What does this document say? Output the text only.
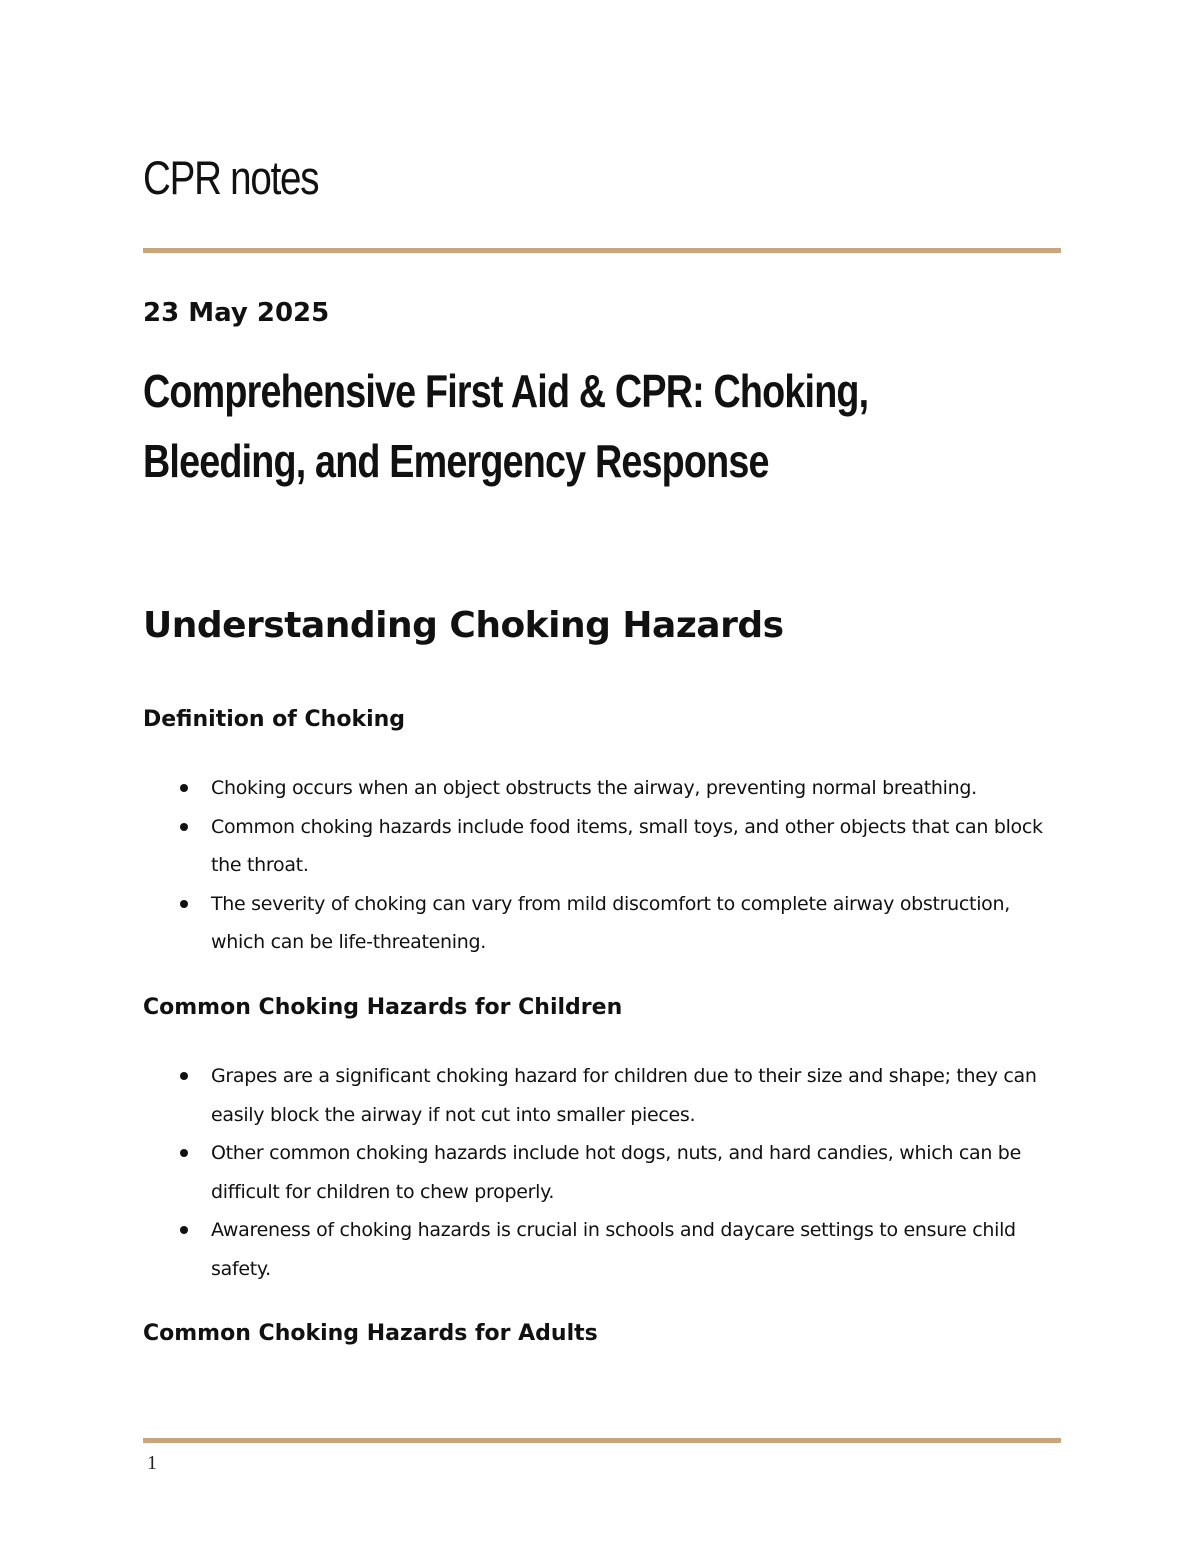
CPR notes

23 May 2025

Comprehensive First Aid & CPR: Choking, Bleeding, and Emergency Response
Understanding Choking Hazards
Definition of Choking
Choking occurs when an object obstructs the airway, preventing normal breathing.
Common choking hazards include food items, small toys, and other objects that can block the throat.
The severity of choking can vary from mild discomfort to complete airway obstruction, which can be life-threatening.
Common Choking Hazards for Children
Grapes are a significant choking hazard for children due to their size and shape; they can easily block the airway if not cut into smaller pieces.
Other common choking hazards include hot dogs, nuts, and hard candies, which can be difficult for children to chew properly.
Awareness of choking hazards is crucial in schools and daycare settings to ensure child safety.
Common Choking Hazards for Adults

1
